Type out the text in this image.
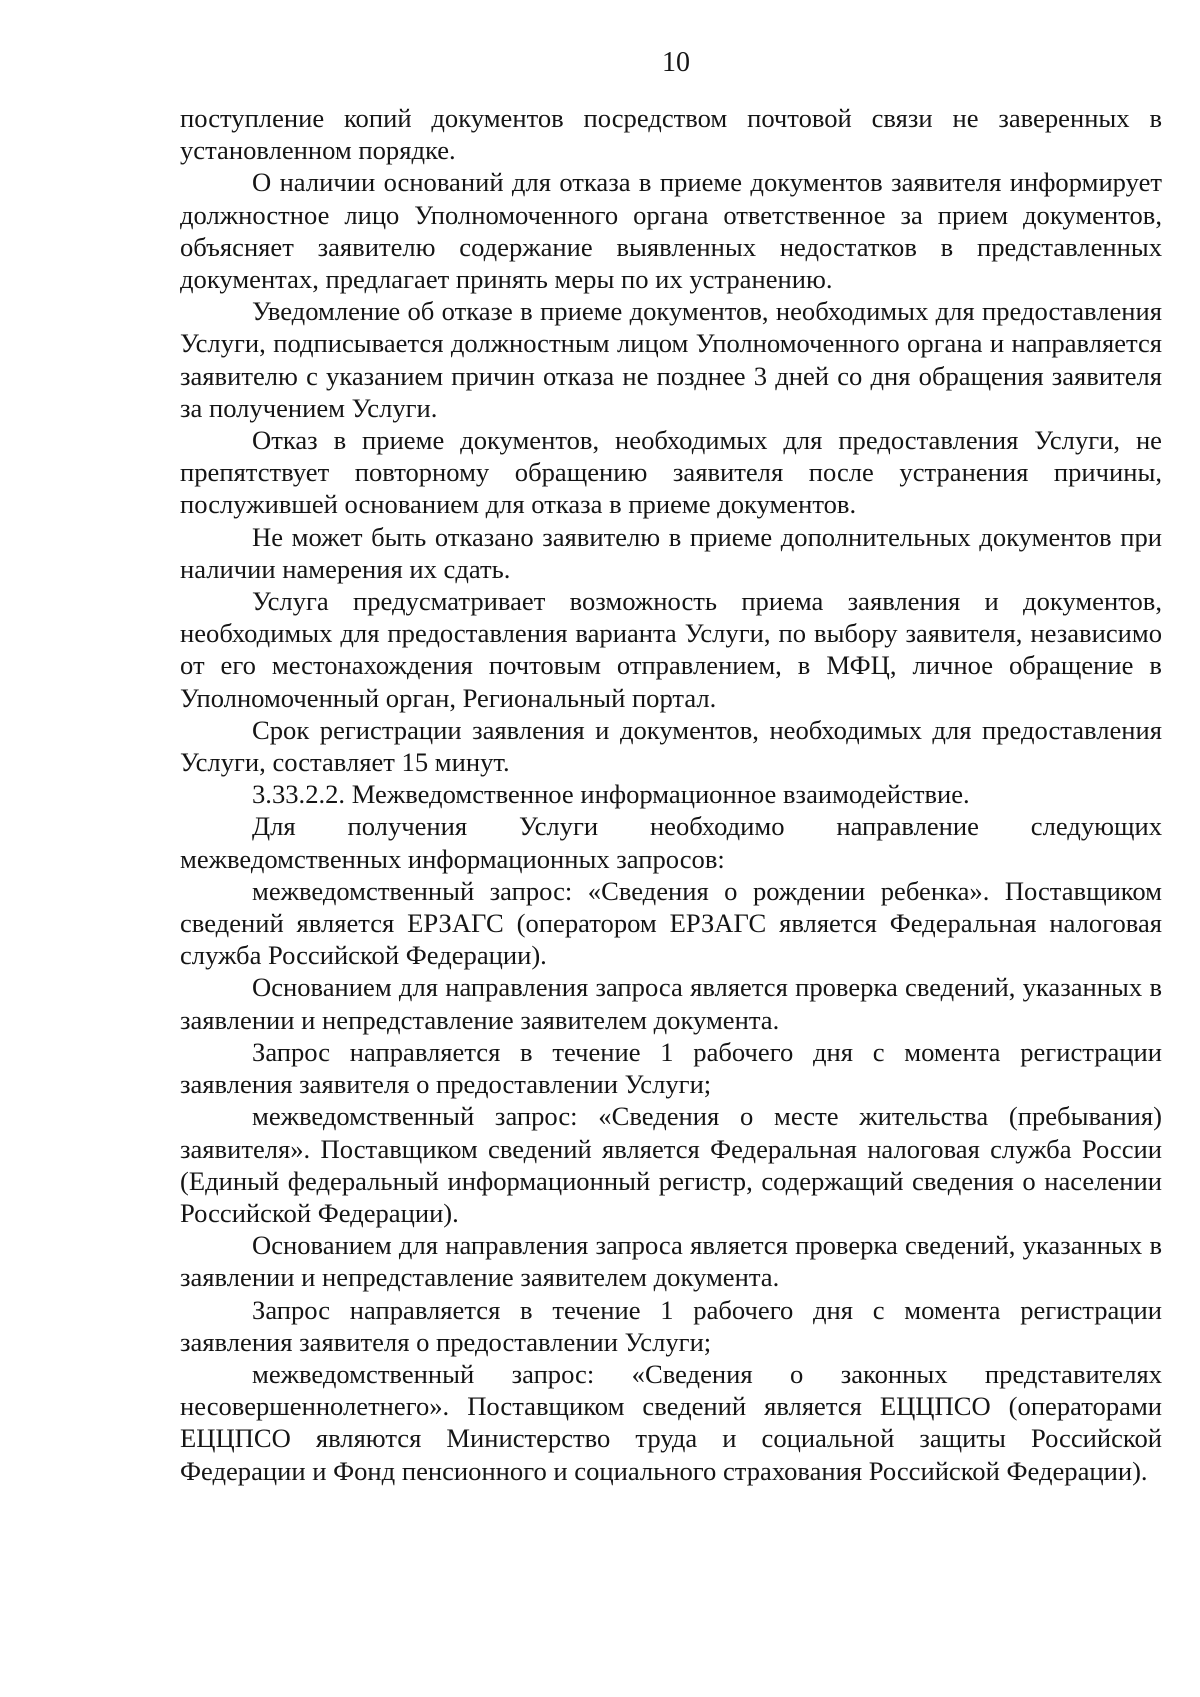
10

поступление копий документов посредством почтовой связи не заверенных в установленном порядке.

О наличии оснований для отказа в приеме документов заявителя информирует должностное лицо Уполномоченного органа ответственное за прием документов, объясняет заявителю содержание выявленных недостатков в представленных документах, предлагает принять меры по их устранению.

Уведомление об отказе в приеме документов, необходимых для предоставления Услуги, подписывается должностным лицом Уполномоченного органа и направляется заявителю с указанием причин отказа не позднее 3 дней со дня обращения заявителя за получением Услуги.

Отказ в приеме документов, необходимых для предоставления Услуги, не препятствует повторному обращению заявителя после устранения причины, послужившей основанием для отказа в приеме документов.

Не может быть отказано заявителю в приеме дополнительных документов при наличии намерения их сдать.

Услуга предусматривает возможность приема заявления и документов, необходимых для предоставления варианта Услуги, по выбору заявителя, независимо от его местонахождения почтовым отправлением, в МФЦ, личное обращение в Уполномоченный орган, Региональный портал.

Срок регистрации заявления и документов, необходимых для предоставления Услуги, составляет 15 минут.

3.33.2.2. Межведомственное информационное взаимодействие.

Для получения Услуги необходимо направление следующих межведомственных информационных запросов:

межведомственный запрос: «Сведения о рождении ребенка». Поставщиком сведений является ЕРЗАГС (оператором ЕРЗАГС является Федеральная налоговая служба Российской Федерации).

Основанием для направления запроса является проверка сведений, указанных в заявлении и непредставление заявителем документа.

Запрос направляется в течение 1 рабочего дня с момента регистрации заявления заявителя о предоставлении Услуги;

межведомственный запрос: «Сведения о месте жительства (пребывания) заявителя». Поставщиком сведений является Федеральная налоговая служба России (Единый федеральный информационный регистр, содержащий сведения о населении Российской Федерации).

Основанием для направления запроса является проверка сведений, указанных в заявлении и непредставление заявителем документа.

Запрос направляется в течение 1 рабочего дня с момента регистрации заявления заявителя о предоставлении Услуги;

межведомственный запрос: «Сведения о законных представителях несовершеннолетнего». Поставщиком сведений является ЕЦЦПСО (операторами ЕЦЦПСО являются Министерство труда и социальной защиты Российской Федерации и Фонд пенсионного и социального страхования Российской Федерации).
